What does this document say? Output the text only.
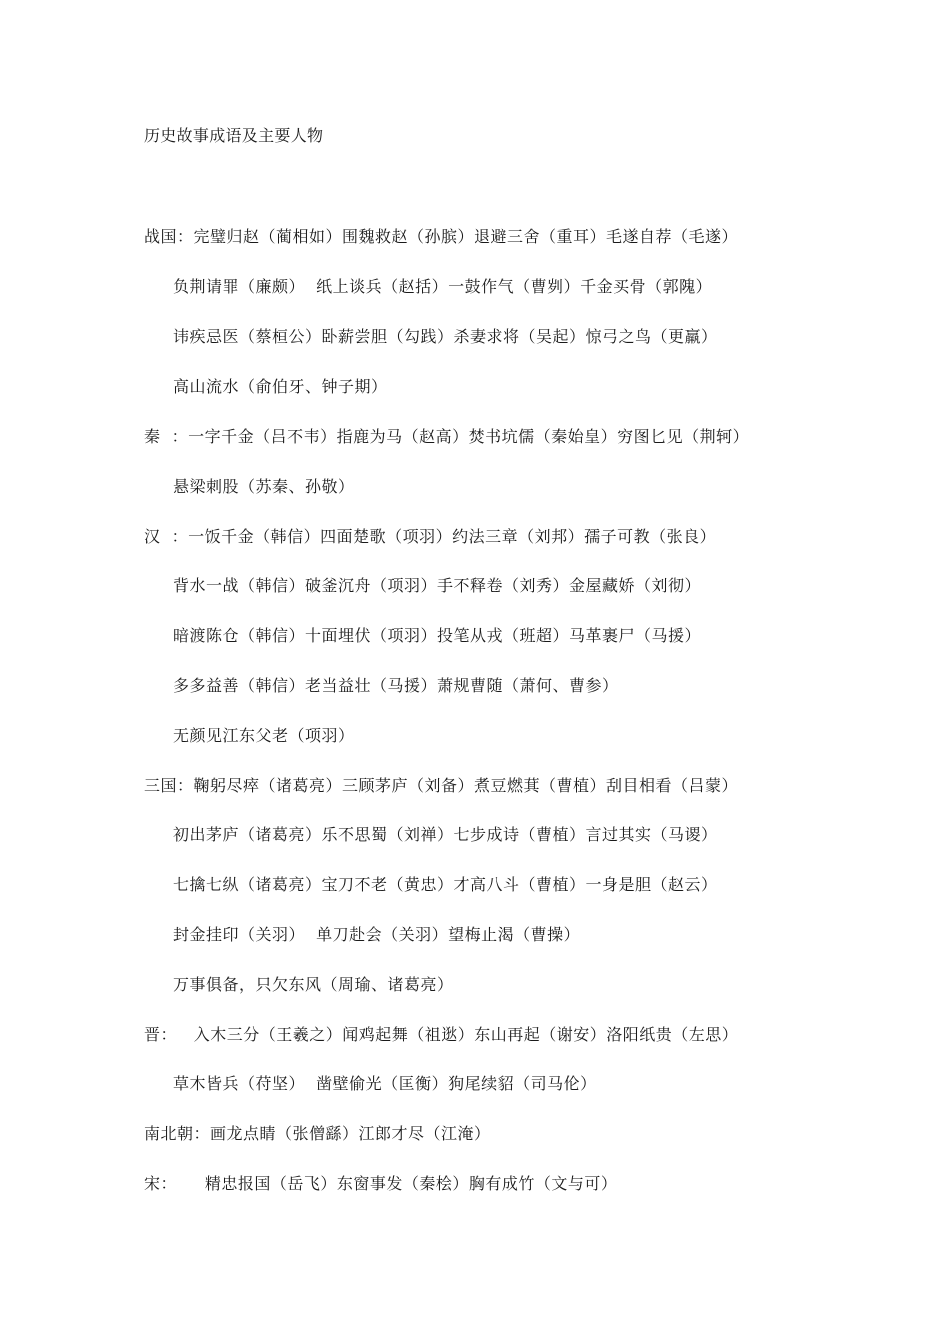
历史故事成语及主要人物
战国：完璧归赵（蔺相如）围魏救赵（孙膑）退避三舍（重耳）毛遂自荐（毛遂）
负荆请罪（廉颇）  纸上谈兵（赵括）一鼓作气（曹刿）千金买骨（郭隗）
讳疾忌医（蔡桓公）卧薪尝胆（勾践）杀妻求将（吴起）惊弓之鸟（更羸）
高山流水（俞伯牙、钟子期）
秦  ：一字千金（吕不韦）指鹿为马（赵高）焚书坑儒（秦始皇）穷图匕见（荆轲）
悬梁刺股（苏秦、孙敬）
汉  ：一饭千金（韩信）四面楚歌（项羽）约法三章（刘邦）孺子可教（张良）
背水一战（韩信）破釜沉舟（项羽）手不释卷（刘秀）金屋藏娇（刘彻）
暗渡陈仓（韩信）十面埋伏（项羽）投笔从戎（班超）马革裹尸（马援）
多多益善（韩信）老当益壮（马援）萧规曹随（萧何、曹参）
无颜见江东父老（项羽）
三国：鞠躬尽瘁（诸葛亮）三顾茅庐（刘备）煮豆燃萁（曹植）刮目相看（吕蒙）
初出茅庐（诸葛亮）乐不思蜀（刘禅）七步成诗（曹植）言过其实（马谡）
七擒七纵（诸葛亮）宝刀不老（黄忠）才高八斗（曹植）一身是胆（赵云）
封金挂印（关羽）  单刀赴会（关羽）望梅止渴（曹操）
万事俱备，只欠东风（周瑜、诸葛亮）
晋：   入木三分（王羲之）闻鸡起舞（祖逖）东山再起（谢安）洛阳纸贵（左思）
草木皆兵（苻坚）  凿壁偷光（匡衡）狗尾续貂（司马伦）
南北朝：画龙点睛（张僧繇）江郎才尽（江淹）
宋：     精忠报国（岳飞）东窗事发（秦桧）胸有成竹（文与可）
